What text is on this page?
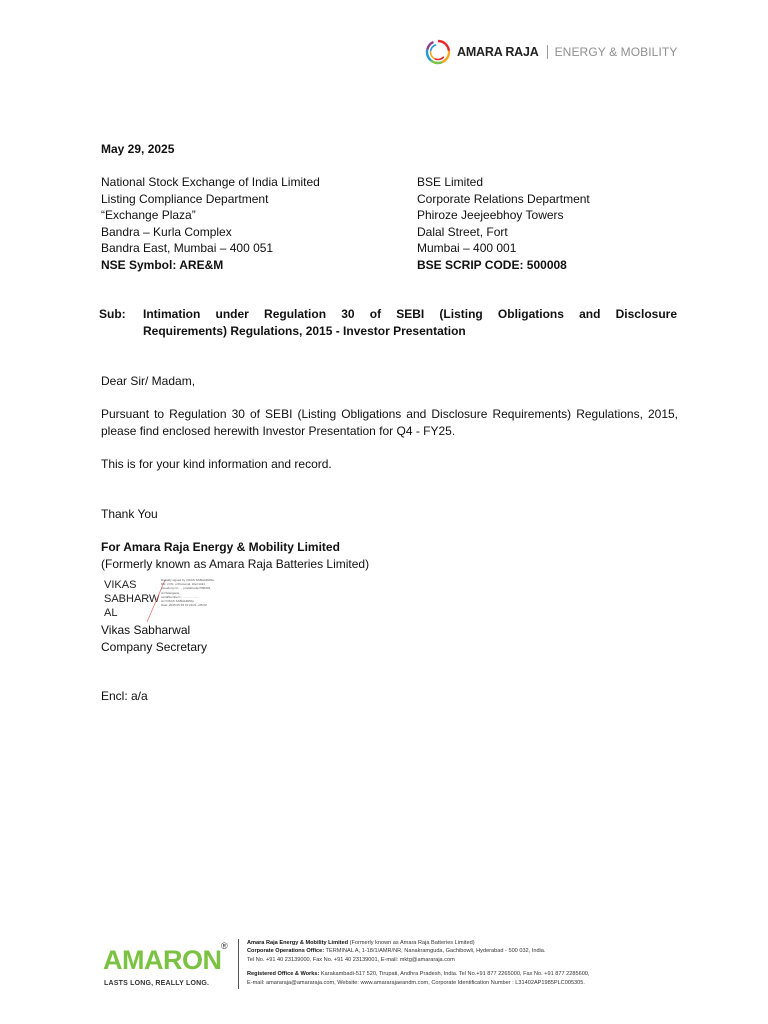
AMARA RAJA ENERGY & MOBILITY
May 29, 2025
National Stock Exchange of India Limited
Listing Compliance Department
“Exchange Plaza”
Bandra – Kurla Complex
Bandra East, Mumbai – 400 051
NSE Symbol: ARE&M
BSE Limited
Corporate Relations Department
Phiroze Jeejeebhoy Towers
Dalal Street, Fort
Mumbai – 400 001
BSE SCRIP CODE: 500008
Sub: Intimation under Regulation 30 of SEBI (Listing Obligations and Disclosure
Requirements) Regulations, 2015 - Investor Presentation
Dear Sir/ Madam,
Pursuant to Regulation 30 of SEBI (Listing Obligations and Disclosure Requirements) Regulations, 2015,
please find enclosed herewith Investor Presentation for Q4 - FY25.
This is for your kind information and record.
Thank You
For Amara Raja Energy & Mobility Limited
(Formerly known as Amara Raja Batteries Limited)
VIKAS
SABHARW
AL
Digitally signed by VIKAS SABHARWAL
DN: c=IN, o=Personal, title=1421,
pseudonym=...., postalCode=500033,
st=Telangana,
serialNumber=.....................,
cn=VIKAS SABHARWAL
Date: 2025.05.29 16:29:21 +05'30'
Vikas Sabharwal
Company Secretary
Encl: a/a
AMARON ®
LASTS LONG, REALLY LONG.
Amara Raja Energy & Mobility Limited (Formerly known as Amara Raja Batteries Limited)
Corporate Operations Office: TERMINAL A, 1-18/1/AMR/NR, Nanakramguda, Gachibowli, Hyderabad - 500 032, India.
Tel No. +91 40 23139000, Fax No. +91 40 23139001, E-mail: mktg@amararaja.com
Registered Office & Works: Karakambadi-517 520, Tirupati, Andhra Pradesh, India. Tel No.+91 877 2265000, Fax No. +91 877 2285600,
E-mail: amararaja@amararaja.com, Website: www.amararajaeandm.com, Corporate Identification Number : L31402AP1985PLC005305.
